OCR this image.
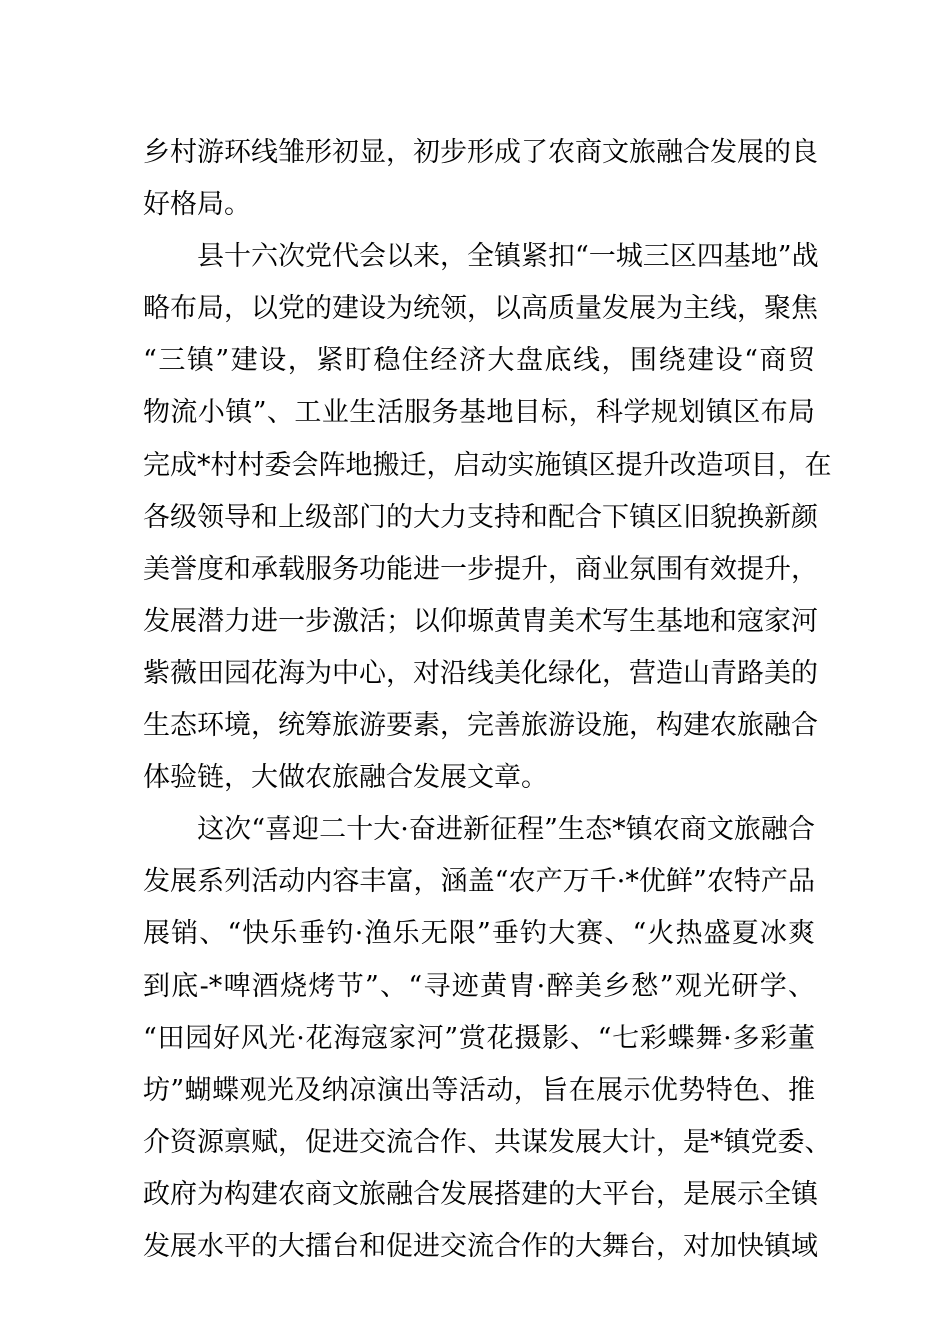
乡村游环线雏形初显，初步形成了农商文旅融合发展的良
好格局。

　　县十六次党代会以来，全镇紧扣“一城三区四基地”战
略布局，以党的建设为统领，以高质量发展为主线，聚焦
“三镇”建设，紧盯稳住经济大盘底线，围绕建设“商贸
物流小镇”、工业生活服务基地目标，科学规划镇区布局
完成*村村委会阵地搬迁，启动实施镇区提升改造项目，在
各级领导和上级部门的大力支持和配合下镇区旧貌换新颜
美誉度和承载服务功能进一步提升，商业氛围有效提升，
发展潜力进一步激活；以仰塬黄胄美术写生基地和寇家河
紫薇田园花海为中心，对沿线美化绿化，营造山青路美的
生态环境，统筹旅游要素，完善旅游设施，构建农旅融合
体验链，大做农旅融合发展文章。

　　这次“喜迎二十大·奋进新征程”生态*镇农商文旅融合
发展系列活动内容丰富，涵盖“农产万千·*优鲜”农特产品
展销、“快乐垂钓·渔乐无限”垂钓大赛、“火热盛夏冰爽
到底-*啤酒烧烤节”、“寻迹黄胄·醉美乡愁”观光研学、
“田园好风光·花海寇家河”赏花摄影、“七彩蝶舞·多彩董
坊”蝴蝶观光及纳凉演出等活动，旨在展示优势特色、推
介资源禀赋，促进交流合作、共谋发展大计，是*镇党委、
政府为构建农商文旅融合发展搭建的大平台，是展示全镇
发展水平的大擂台和促进交流合作的大舞台，对加快镇域
